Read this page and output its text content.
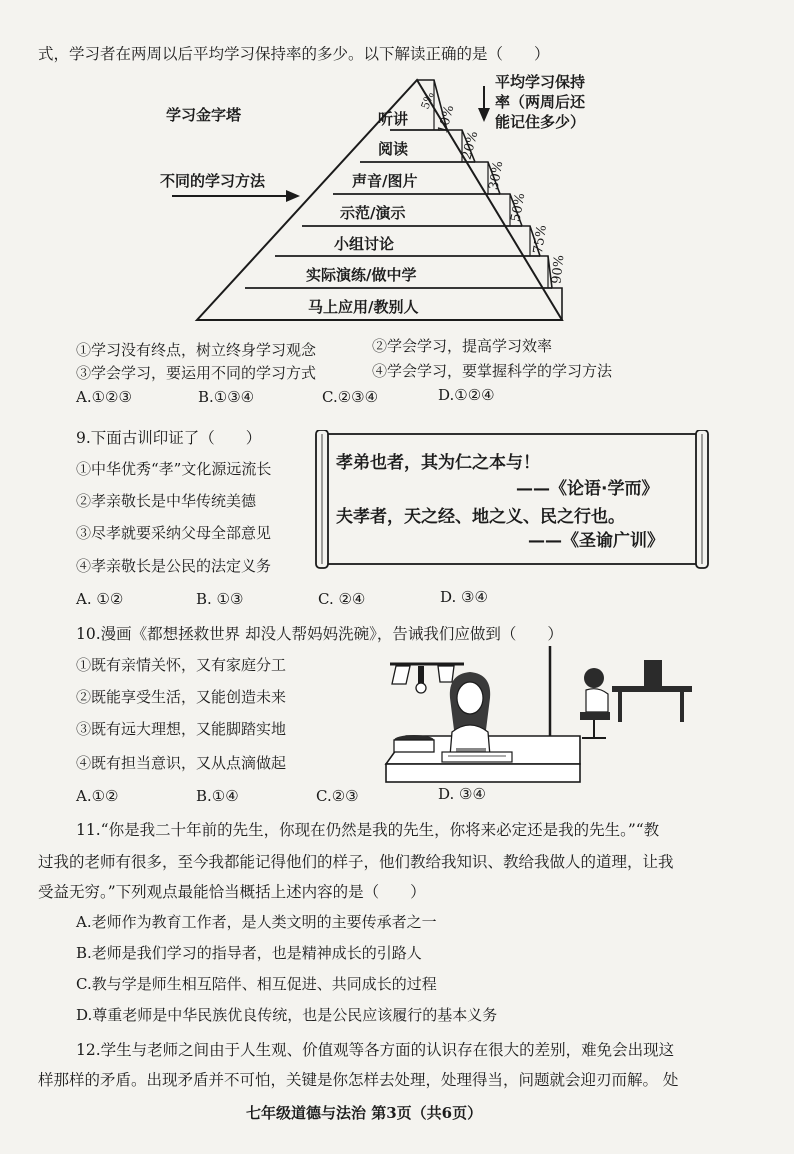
式，学习者在两周以后平均学习保持率的多少。以下解读正确的是（　　）
学习金字塔
不同的学习方法
平均学习保持
率（两周后还
能记住多少）
听讲
阅读
声音/图片
示范/演示
小组讨论
实际演练/做中学
马上应用/教别人
5%
10%
20%
30%
50%
75%
90%
①学习没有终点，树立终身学习观念	②学会学习，提高学习效率
③学会学习，要运用不同的学习方式	④学会学习，要掌握科学的学习方法
A.①②③	B.①③④	C.②③④	D.①②④
9.下面古训印证了（　　）
①中华优秀“孝”文化源远流长
②孝亲敬长是中华传统美德
③尽孝就要采纳父母全部意见
④孝亲敬长是公民的法定义务
A. ①②	B. ①③	C. ②④	D. ③④
孝弟也者，其为仁之本与！
——《论语·学而》
夫孝者，天之经、地之义、民之行也。
——《圣谕广训》
10.漫画《都想拯救世界 却没人帮妈妈洗碗》，告诫我们应做到（　　）
①既有亲情关怀，又有家庭分工
②既能享受生活，又能创造未来
③既有远大理想，又能脚踏实地
④既有担当意识，又从点滴做起
A.①②	B.①④	C.②③	D. ③④
11.“你是我二十年前的先生，你现在仍然是我的先生，你将来必定还是我的先生。”“教
过我的老师有很多，至今我都能记得他们的样子，他们教给我知识、教给我做人的道理，让我
受益无穷。”下列观点最能恰当概括上述内容的是（　　）
A.老师作为教育工作者，是人类文明的主要传承者之一
B.老师是我们学习的指导者，也是精神成长的引路人
C.教与学是师生相互陪伴、相互促进、共同成长的过程
D.尊重老师是中华民族优良传统，也是公民应该履行的基本义务
12.学生与老师之间由于人生观、价值观等各方面的认识存在很大的差别，难免会出现这
样那样的矛盾。出现矛盾并不可怕，关键是你怎样去处理，处理得当，问题就会迎刃而解。 处
七年级道德与法治 第3页（共6页）
